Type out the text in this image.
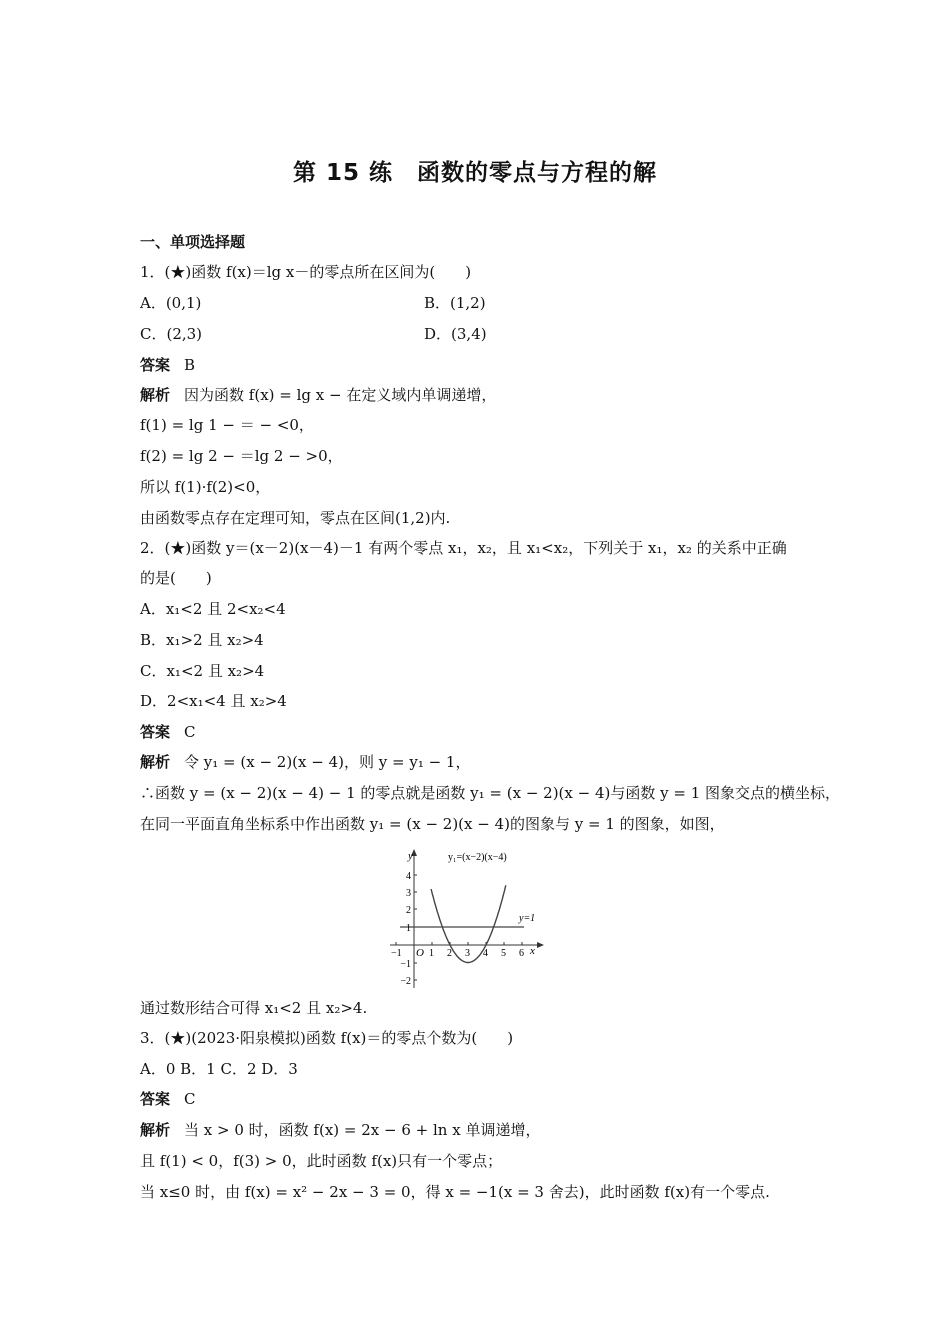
第 15 练　函数的零点与方程的解
一、单项选择题
1．(★)函数 f(x)＝lg x－的零点所在区间为(　　)
A．(0,1)	B．(1,2)
C．(2,3)	D．(3,4)
答案 B
解析 因为函数 f(x) = lg x − 在定义域内单调递增，
f(1) = lg 1 − ＝ − <0，
f(2) = lg 2 − ＝lg 2 − >0，
所以 f(1)·f(2)<0，
由函数零点存在定理可知，零点在区间(1,2)内.
2．(★)函数 y＝(x－2)(x－4)－1 有两个零点 x₁，x₂，且 x₁<x₂，下列关于 x₁，x₂ 的关系中正确
的是(　　)
A．x₁<2 且 2<x₂<4
B．x₁>2 且 x₂>4
C．x₁<2 且 x₂>4
D．2<x₁<4 且 x₂>4
答案 C
解析 令 y₁ = (x − 2)(x − 4)，则 y = y₁ − 1，
∴函数 y = (x − 2)(x − 4) − 1 的零点就是函数 y₁ = (x − 2)(x − 4)与函数 y = 1 图象交点的横坐标，
在同一平面直角坐标系中作出函数 y₁ = (x − 2)(x − 4)的图象与 y = 1 的图象，如图，
y₁=(x−2)(x−4)
y=1
y
x
O
−1	1 2 3 4 5 6
4
3
2
1
−1
−2
通过数形结合可得 x₁<2 且 x₂>4.
3．(★)(2023·阳泉模拟)函数 f(x)＝的零点个数为(　　)
A．0 B．1 C．2 D．3
答案 C
解析 当 x > 0 时，函数 f(x) = 2x − 6 + ln x 单调递增，
且 f(1) < 0，f(3) > 0，此时函数 f(x)只有一个零点；
当 x≤0 时，由 f(x) = x² − 2x − 3 = 0，得 x = −1(x = 3 舍去)，此时函数 f(x)有一个零点.
